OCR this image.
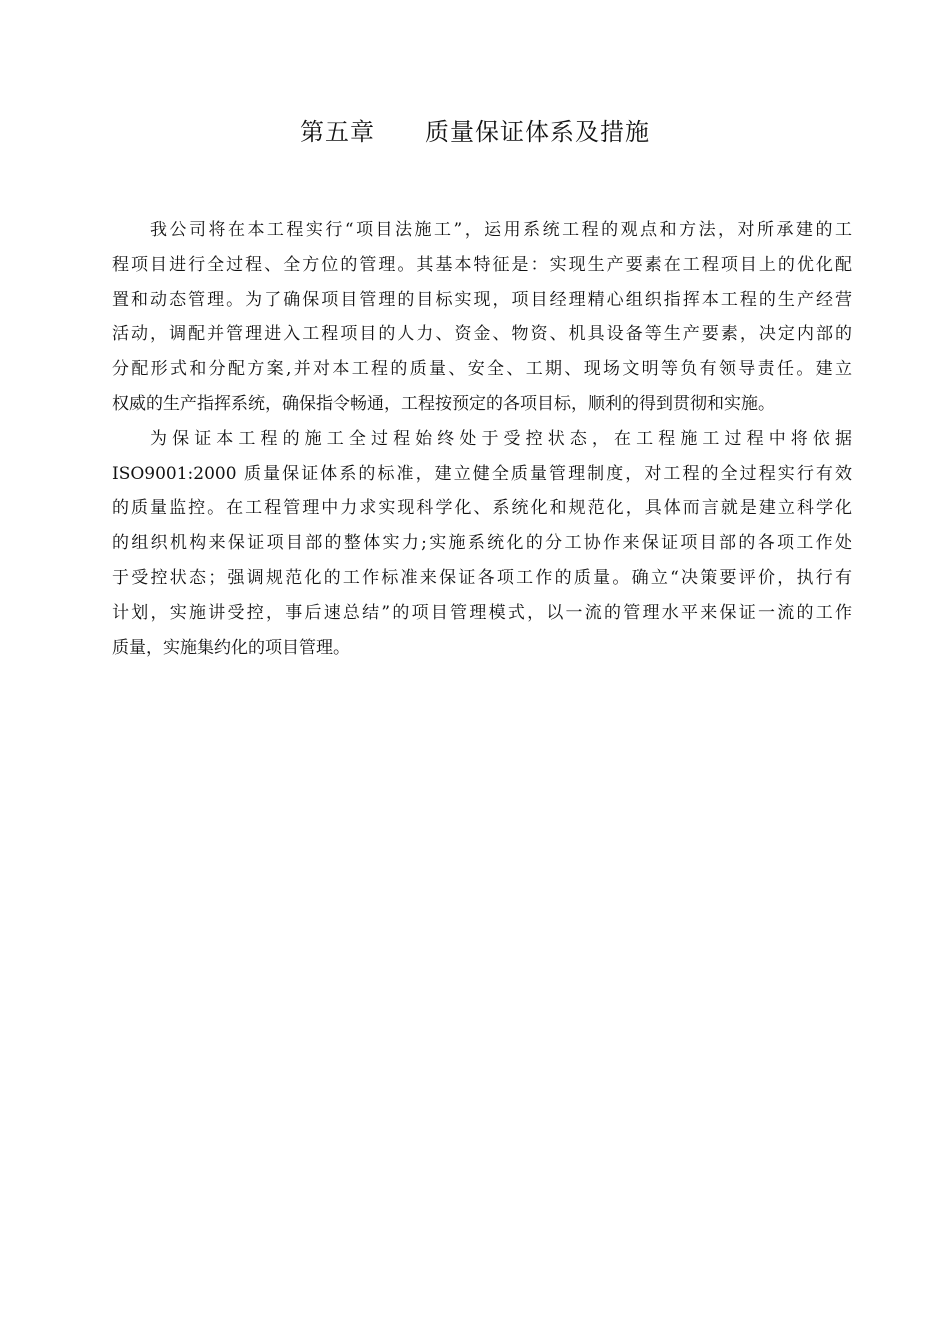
第五章 质量保证体系及措施
我公司将在本工程实行“项目法施工”，运用系统工程的观点和方法，对所承建的工
程项目进行全过程、全方位的管理。其基本特征是：实现生产要素在工程项目上的优化配
置和动态管理。为了确保项目管理的目标实现，项目经理精心组织指挥本工程的生产经营
活动，调配并管理进入工程项目的人力、资金、物资、机具设备等生产要素，决定内部的
分配形式和分配方案,并对本工程的质量、安全、工期、现场文明等负有领导责任。建立
权威的生产指挥系统，确保指令畅通，工程按预定的各项目标，顺利的得到贯彻和实施。
为保证本工程的施工全过程始终处于受控状态，在工程施工过程中将依据
ISO9001:2000 质量保证体系的标准，建立健全质量管理制度，对工程的全过程实行有效
的质量监控。在工程管理中力求实现科学化、系统化和规范化，具体而言就是建立科学化
的组织机构来保证项目部的整体实力;实施系统化的分工协作来保证项目部的各项工作处
于受控状态；强调规范化的工作标准来保证各项工作的质量。确立“决策要评价，执行有
计划，实施讲受控，事后速总结”的项目管理模式，以一流的管理水平来保证一流的工作
质量，实施集约化的项目管理。
